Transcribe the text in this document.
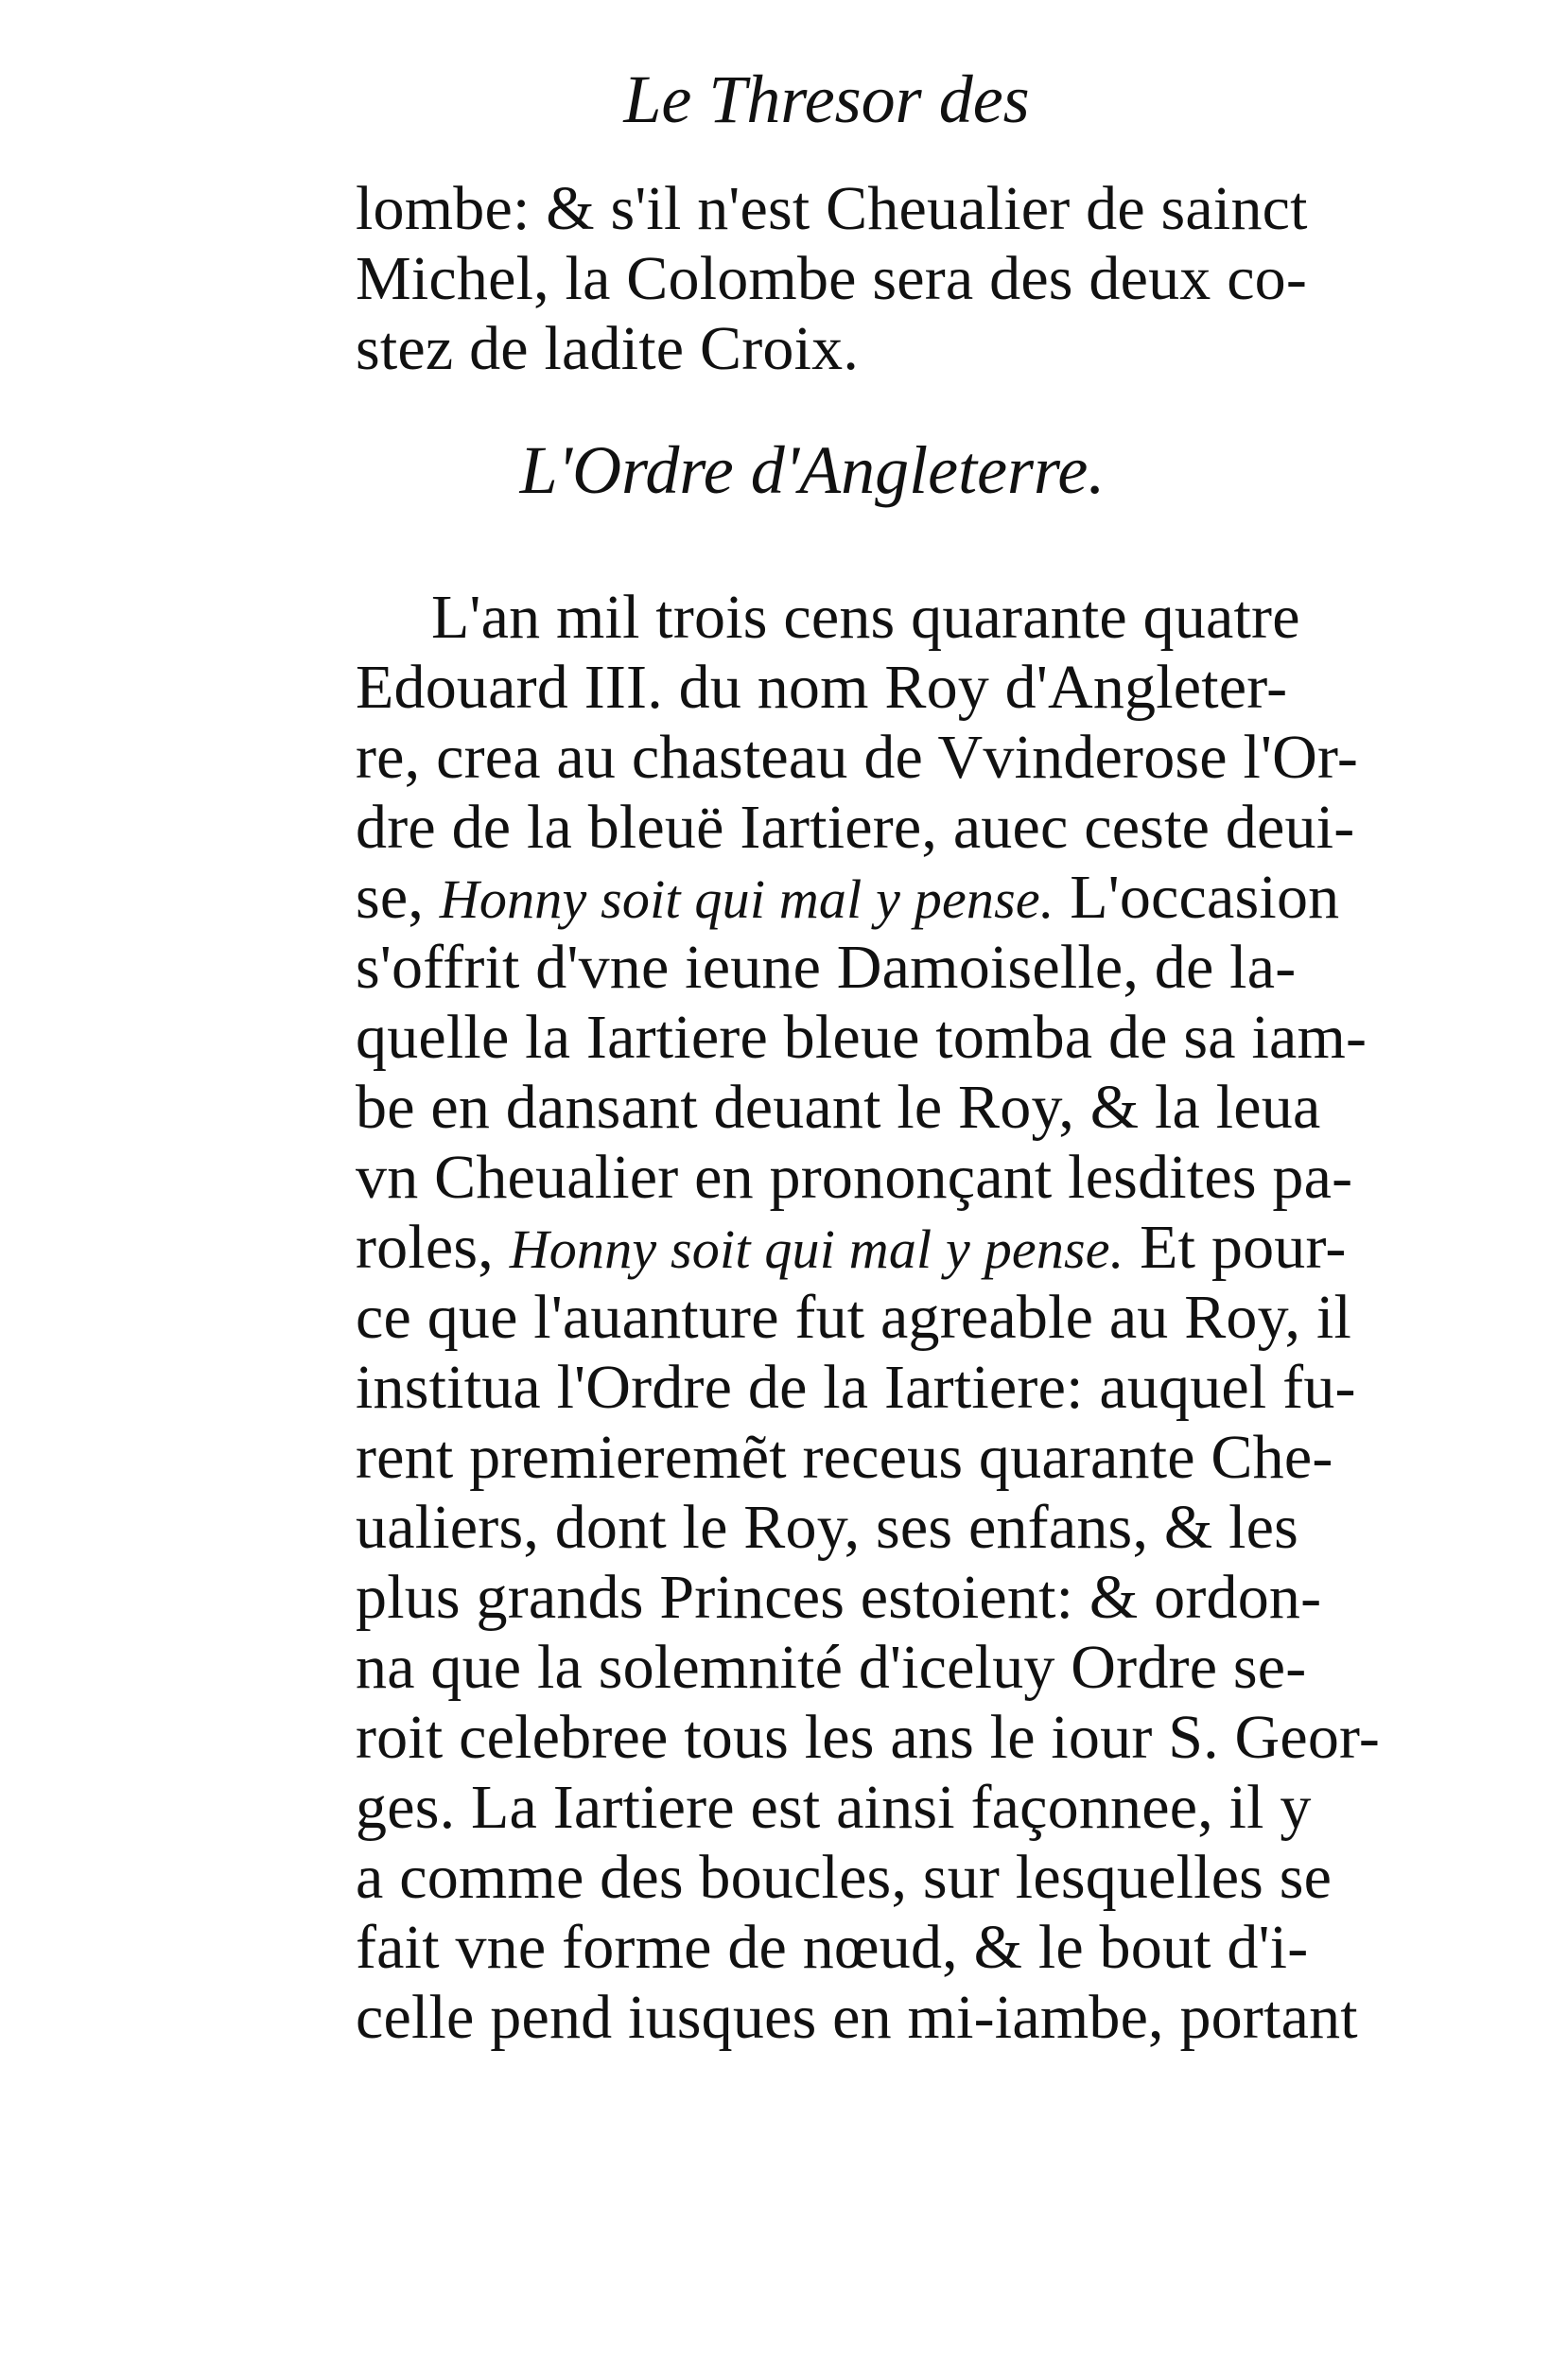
Le Thresor des
lombe: & s'il n'est Cheualier de sainct
Michel, la Colombe sera des deux co-
stez de ladite Croix.
L'Ordre d'Angleterre.
L'an mil trois cens quarante quatre
Edouard III. du nom Roy d'Angleter-
re, crea au chasteau de Vvinderose l'Or-
dre de la bleuë Iartiere, auec ceste deui-
se, Honny soit qui mal y pense. L'occasion
s'offrit d'vne ieune Damoiselle, de la-
quelle la Iartiere bleue tomba de sa iam-
be en dansant deuant le Roy, & la leua
vn Cheualier en prononçant lesdites pa-
roles, Honny soit qui mal y pense. Et pour-
ce que l'auanture fut agreable au Roy, il
institua l'Ordre de la Iartiere: auquel fu-
rent premieremẽt receus quarante Che-
ualiers, dont le Roy, ses enfans, & les
plus grands Princes estoient: & ordon-
na que la solemnité d'iceluy Ordre se-
roit celebree tous les ans le iour S. Geor-
ges. La Iartiere est ainsi façonnee, il y
a comme des boucles, sur lesquelles se
fait vne forme de nœud, & le bout d'i-
celle pend iusques en mi-iambe, portant
